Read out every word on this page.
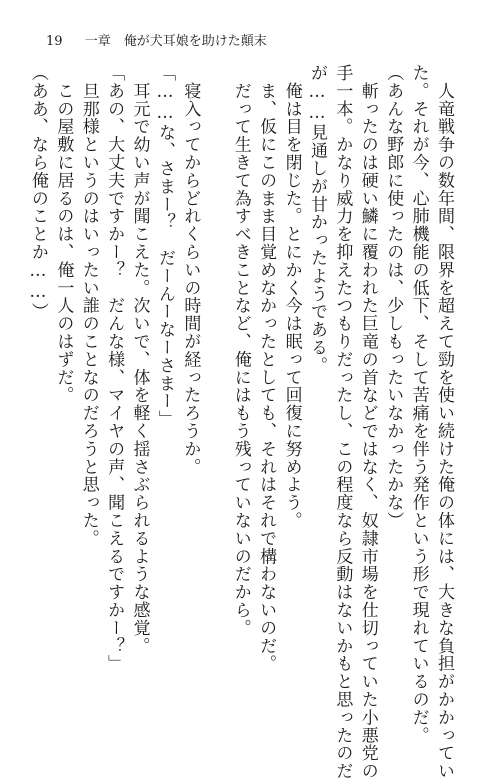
19 一章　俺が犬耳娘を助けた顛末

　人竜戦争の数年間、限界を超えて勁を使い続けた俺の体には、大きな負担がかかってい

た。それが今、心肺機能の低下、そして苦痛を伴う発作という形で現れているのだ。

（あんな野郎に使ったのは、少しもったいなかったかな）

　斬ったのは硬い鱗に覆われた巨竜の首などではなく、奴隷市場を仕切っていた小悪党の

手一本。かなり威力を抑えたつもりだったし、この程度なら反動はないかもと思ったのだ

が……見通しが甘かったようである。

　俺は目を閉じた。とにかく今は眠って回復に努めよう。

　ま、仮にこのまま目覚めなかったとしても、それはそれで構わないのだ。

　だって生きて為すべきことなど、俺にはもう残っていないのだから。

　寝入ってからどれくらいの時間が経ったろうか。

「……な、さまー？　だーんーなーさまー」

　耳元で幼い声が聞こえた。次いで、体を軽く揺さぶられるような感覚。

「あの、大丈夫ですかー？　だんな様、マイヤの声、聞こえるですかー？」

　旦那様というのはいったい誰のことなのだろうと思った。

　この屋敷に居るのは、俺一人のはずだ。

（ああ、なら俺のことか……）
